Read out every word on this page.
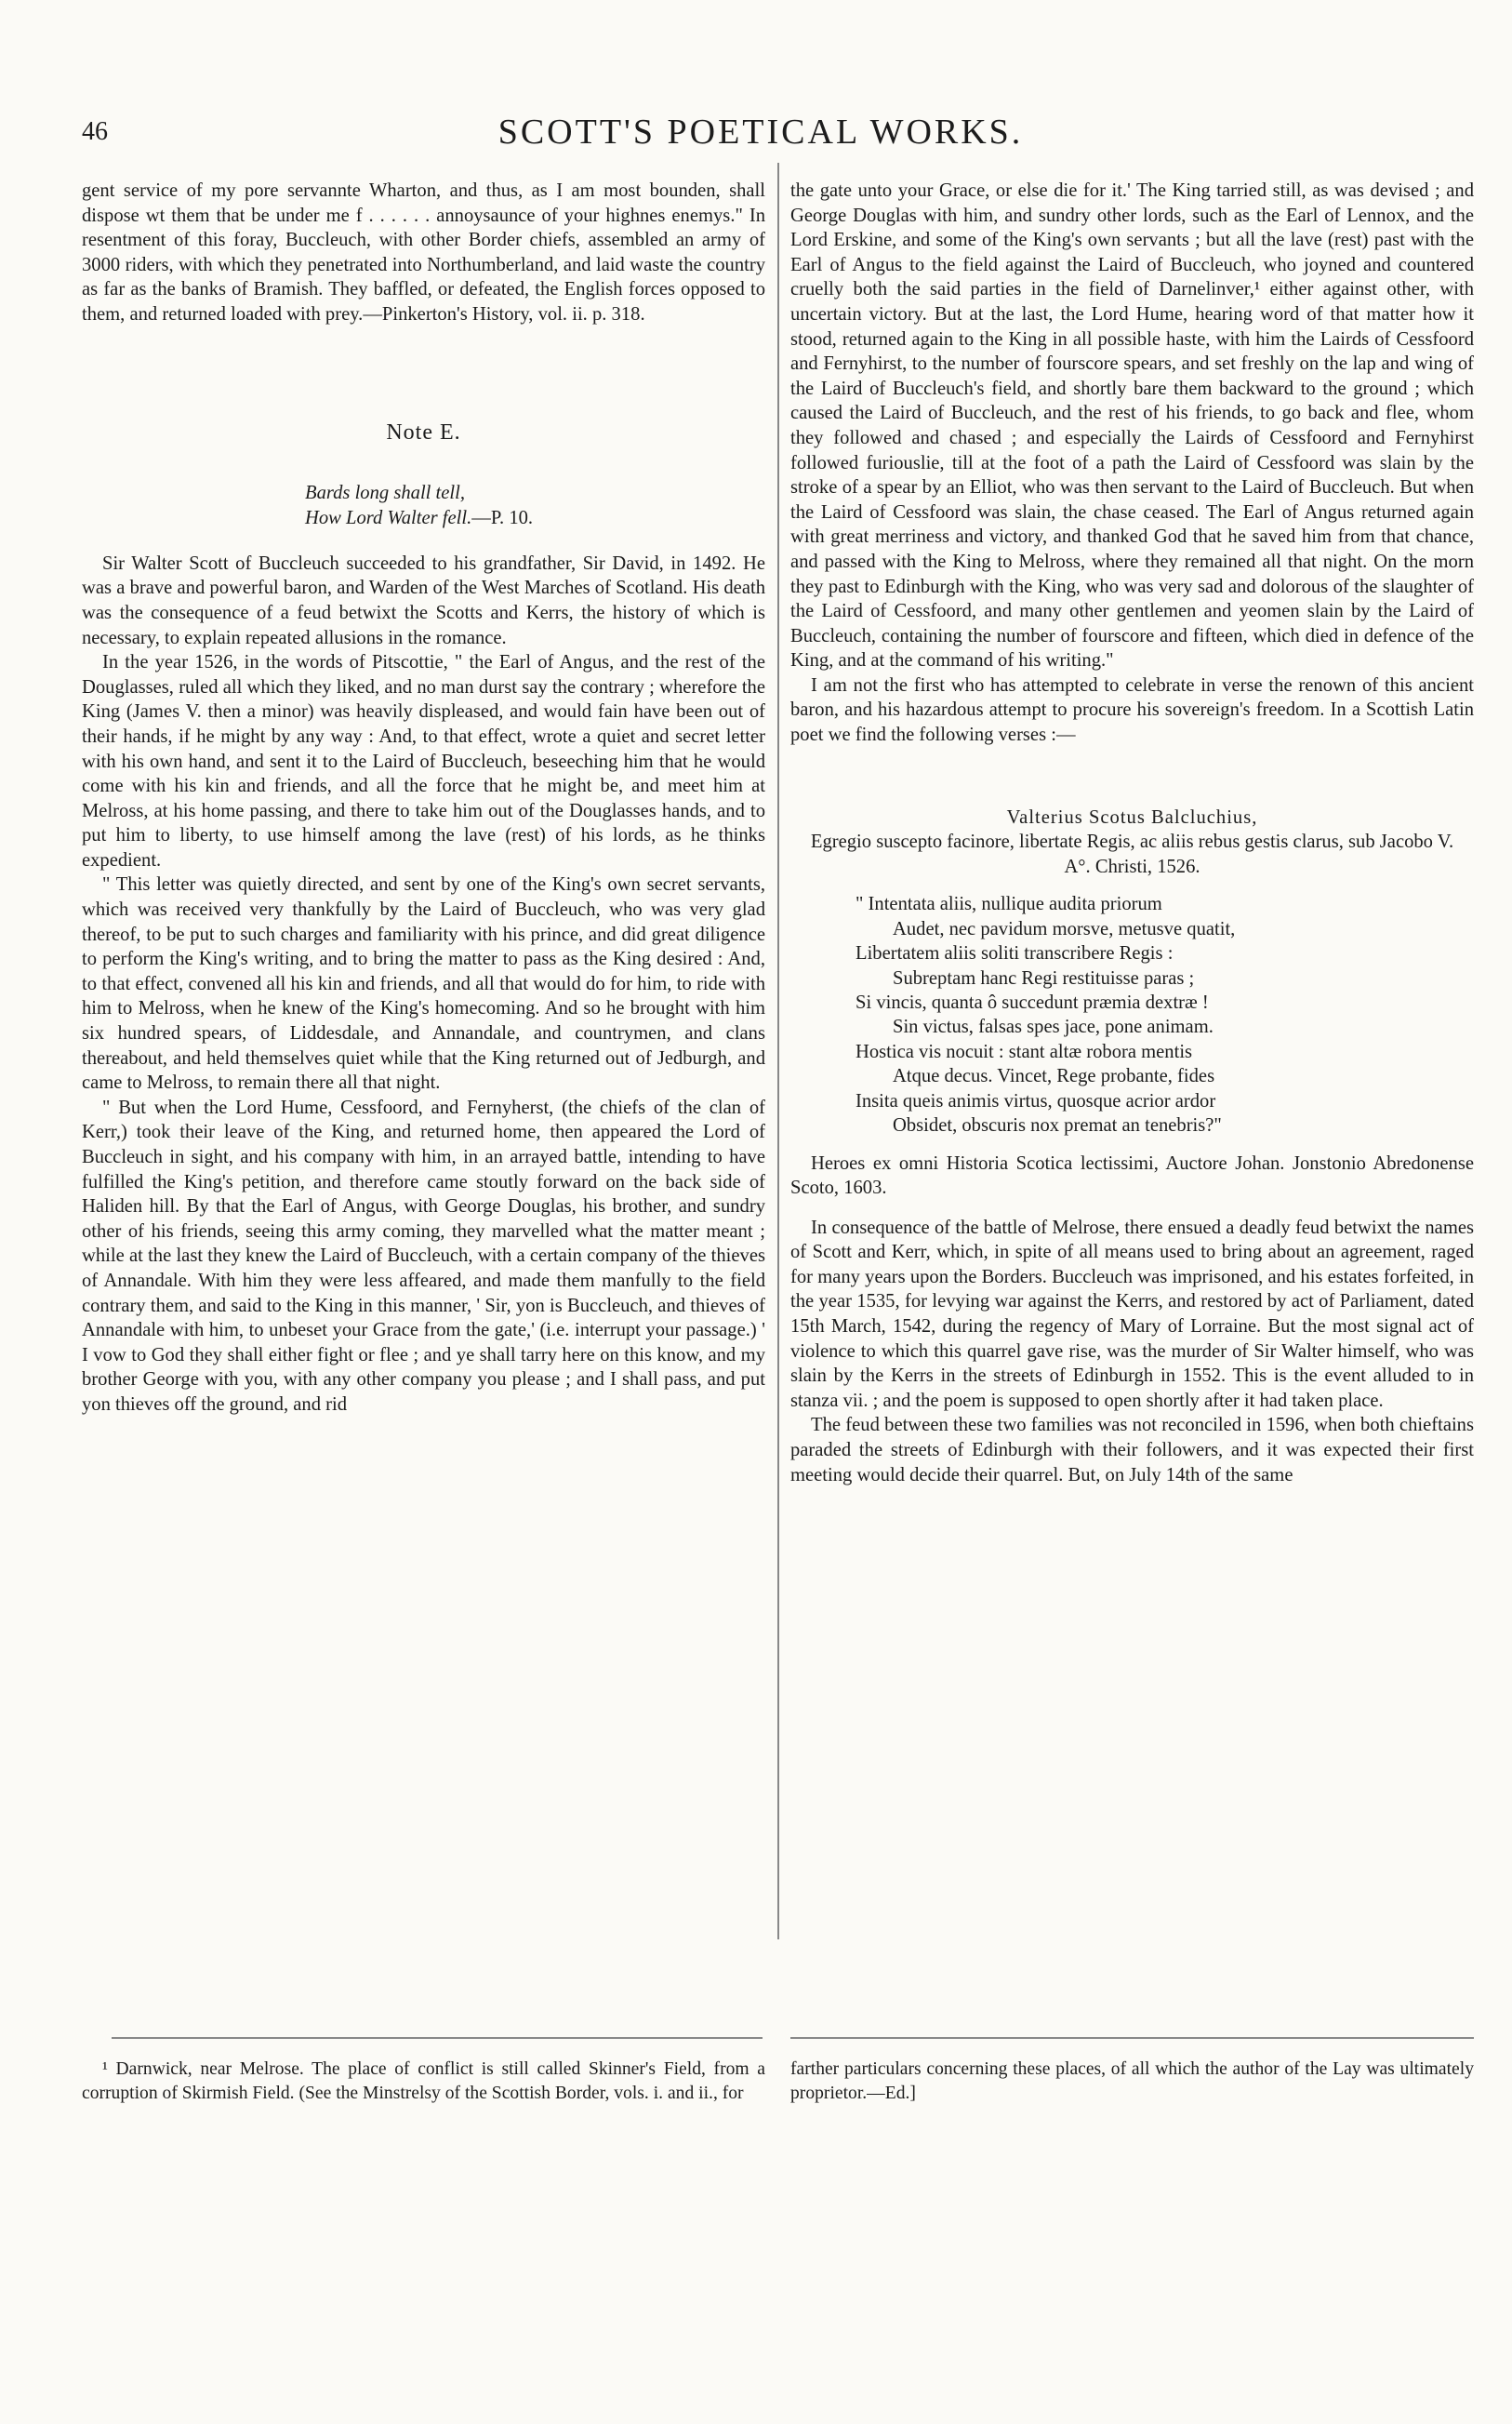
46	SCOTT'S POETICAL WORKS.

gent service of my pore servannte Wharton, and thus, as I am most bounden, shall dispose wt them that be under me f . . . . . . annoysaunce of your highnes enemys." In resentment of this foray, Buccleuch, with other Border chiefs, assembled an army of 3000 riders, with which they penetrated into Northumberland, and laid waste the country as far as the banks of Bramish. They baffled, or defeated, the English forces opposed to them, and returned loaded with prey.—Pinkerton's History, vol. ii. p. 318.

Note E.
Bards long shall tell,
How Lord Walter fell.—P. 10.

Sir Walter Scott of Buccleuch succeeded to his grandfather, Sir David, in 1492. He was a brave and powerful baron, and Warden of the West Marches of Scotland. His death was the consequence of a feud betwixt the Scotts and Kerrs, the history of which is necessary, to explain repeated allusions in the romance.

In the year 1526, in the words of Pitscottie, " the Earl of Angus, and the rest of the Douglasses, ruled all which they liked, and no man durst say the contrary ; wherefore the King (James V. then a minor) was heavily displeased, and would fain have been out of their hands, if he might by any way : And, to that effect, wrote a quiet and secret letter with his own hand, and sent it to the Laird of Buccleuch, beseeching him that he would come with his kin and friends, and all the force that he might be, and meet him at Melross, at his home passing, and there to take him out of the Douglasses hands, and to put him to liberty, to use himself among the lave (rest) of his lords, as he thinks expedient.

" This letter was quietly directed, and sent by one of the King's own secret servants, which was received very thankfully by the Laird of Buccleuch, who was very glad thereof, to be put to such charges and familiarity with his prince, and did great diligence to perform the King's writing, and to bring the matter to pass as the King desired : And, to that effect, convened all his kin and friends, and all that would do for him, to ride with him to Melross, when he knew of the King's homecoming. And so he brought with him six hundred spears, of Liddesdale, and Annandale, and countrymen, and clans thereabout, and held themselves quiet while that the King returned out of Jedburgh, and came to Melross, to remain there all that night.

" But when the Lord Hume, Cessfoord, and Fernyherst, (the chiefs of the clan of Kerr,) took their leave of the King, and returned home, then appeared the Lord of Buccleuch in sight, and his company with him, in an arrayed battle, intending to have fulfilled the King's petition, and therefore came stoutly forward on the back side of Haliden hill. By that the Earl of Angus, with George Douglas, his brother, and sundry other of his friends, seeing this army coming, they marvelled what the matter meant ; while at the last they knew the Laird of Buccleuch, with a certain company of the thieves of Annandale. With him they were less affeared, and made them manfully to the field contrary them, and said to the King in this manner, ' Sir, yon is Buccleuch, and thieves of Annandale with him, to unbeset your Grace from the gate,' (i.e. interrupt your passage.) ' I vow to God they shall either fight or flee ; and ye shall tarry here on this know, and my brother George with you, with any other company you please ; and I shall pass, and put yon thieves off the ground, and rid

the gate unto your Grace, or else die for it.' The King tarried still, as was devised ; and George Douglas with him, and sundry other lords, such as the Earl of Lennox, and the Lord Erskine, and some of the King's own servants ; but all the lave (rest) past with the Earl of Angus to the field against the Laird of Buccleuch, who joyned and countered cruelly both the said parties in the field of Darnelinver,¹ either against other, with uncertain victory. But at the last, the Lord Hume, hearing word of that matter how it stood, returned again to the King in all possible haste, with him the Lairds of Cessfoord and Fernyhirst, to the number of fourscore spears, and set freshly on the lap and wing of the Laird of Buccleuch's field, and shortly bare them backward to the ground ; which caused the Laird of Buccleuch, and the rest of his friends, to go back and flee, whom they followed and chased ; and especially the Lairds of Cessfoord and Fernyhirst followed furiouslie, till at the foot of a path the Laird of Cessfoord was slain by the stroke of a spear by an Elliot, who was then servant to the Laird of Buccleuch. But when the Laird of Cessfoord was slain, the chase ceased. The Earl of Angus returned again with great merriness and victory, and thanked God that he saved him from that chance, and passed with the King to Melross, where they remained all that night. On the morn they past to Edinburgh with the King, who was very sad and dolorous of the slaughter of the Laird of Cessfoord, and many other gentlemen and yeomen slain by the Laird of Buccleuch, containing the number of fourscore and fifteen, which died in defence of the King, and at the command of his writing."

I am not the first who has attempted to celebrate in verse the renown of this ancient baron, and his hazardous attempt to procure his sovereign's freedom. In a Scottish Latin poet we find the following verses :—

Valterius Scotus Balcluchius,
Egregio suscepto facinore, libertate Regis, ac aliis rebus gestis clarus, sub Jacobo V. A°. Christi, 1526.
" Intentata aliis, nullique audita priorum
Audet, nec pavidum morsve, metusve quatit,
Libertatem aliis soliti transcribere Regis :
Subreptam hanc Regi restituisse paras ;
Si vincis, quanta ô succedunt præmia dextræ !
Sin victus, falsas spes jace, pone animam.
Hostica vis nocuit : stant altæ robora mentis
Atque decus. Vincet, Rege probante, fides
Insita queis animis virtus, quosque acrior ardor
Obsidet, obscuris nox premat an tenebris?"

Heroes ex omni Historia Scotica lectissimi, Auctore Johan. Jonstonio Abredonense Scoto, 1603.

In consequence of the battle of Melrose, there ensued a deadly feud betwixt the names of Scott and Kerr, which, in spite of all means used to bring about an agreement, raged for many years upon the Borders. Buccleuch was imprisoned, and his estates forfeited, in the year 1535, for levying war against the Kerrs, and restored by act of Parliament, dated 15th March, 1542, during the regency of Mary of Lorraine. But the most signal act of violence to which this quarrel gave rise, was the murder of Sir Walter himself, who was slain by the Kerrs in the streets of Edinburgh in 1552. This is the event alluded to in stanza vii. ; and the poem is supposed to open shortly after it had taken place.

The feud between these two families was not reconciled in 1596, when both chieftains paraded the streets of Edinburgh with their followers, and it was expected their first meeting would decide their quarrel. But, on July 14th of the same

¹ Darnwick, near Melrose. The place of conflict is still called Skinner's Field, from a corruption of Skirmish Field. (See the Minstrelsy of the Scottish Border, vols. i. and ii., for

farther particulars concerning these places, of all which the author of the Lay was ultimately proprietor.—Ed.]
